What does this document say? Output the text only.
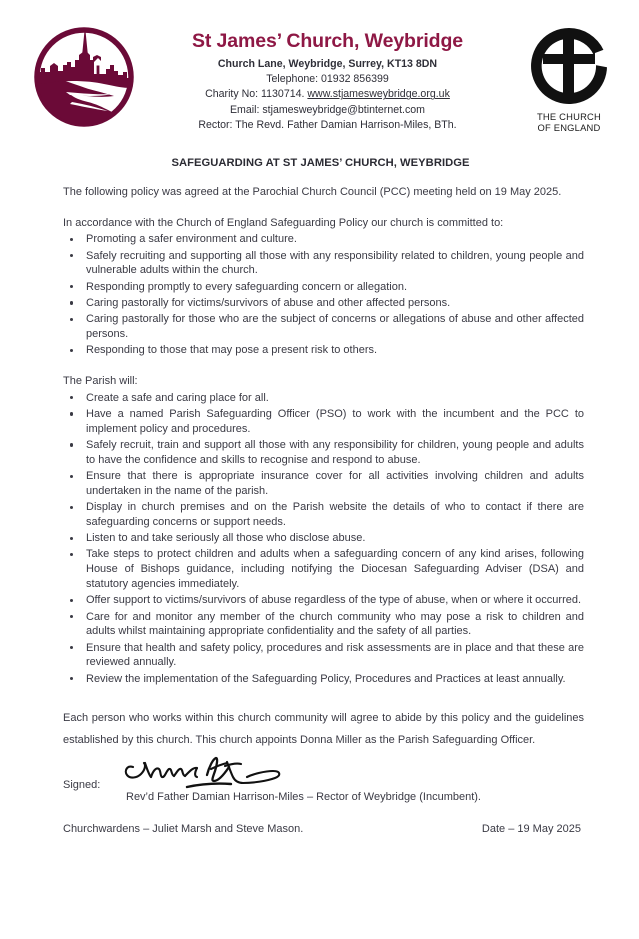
St James’ Church, Weybridge
Church Lane, Weybridge, Surrey, KT13 8DN
Telephone: 01932 856399
Charity No: 1130714. www.stjamesweybridge.org.uk
Email: stjamesweybridge@btinternet.com
Rector: The Revd. Father Damian Harrison-Miles, BTh.
THE CHURCH
OF ENGLAND
SAFEGUARDING AT ST JAMES’ CHURCH, WEYBRIDGE

The following policy was agreed at the Parochial Church Council (PCC) meeting held on 19 May 2025.

In accordance with the Church of England Safeguarding Policy our church is committed to:

Promoting a safer environment and culture.
Safely recruiting and supporting all those with any responsibility related to children, young people and vulnerable adults within the church.
Responding promptly to every safeguarding concern or allegation.
Caring pastorally for victims/survivors of abuse and other affected persons.
Caring pastorally for those who are the subject of concerns or allegations of abuse and other affected persons.
Responding to those that may pose a present risk to others.

The Parish will:

Create a safe and caring place for all.
Have a named Parish Safeguarding Officer (PSO) to work with the incumbent and the PCC to implement policy and procedures.
Safely recruit, train and support all those with any responsibility for children, young people and adults to have the confidence and skills to recognise and respond to abuse.
Ensure that there is appropriate insurance cover for all activities involving children and adults undertaken in the name of the parish.
Display in church premises and on the Parish website the details of who to contact if there are safeguarding concerns or support needs.
Listen to and take seriously all those who disclose abuse.
Take steps to protect children and adults when a safeguarding concern of any kind arises, following House of Bishops guidance, including notifying the Diocesan Safeguarding Adviser (DSA) and statutory agencies immediately.
Offer support to victims/survivors of abuse regardless of the type of abuse, when or where it occurred.
Care for and monitor any member of the church community who may pose a risk to children and adults whilst maintaining appropriate confidentiality and the safety of all parties.
Ensure that health and safety policy, procedures and risk assessments are in place and that these are reviewed annually.
Review the implementation of the Safeguarding Policy, Procedures and Practices at least annually.

Each person who works within this church community will agree to abide by this policy and the guidelines established by this church. This church appoints Donna Miller as the Parish Safeguarding Officer.

Signed:
Rev’d Father Damian Harrison-Miles – Rector of Weybridge (Incumbent).
Churchwardens – Juliet Marsh and Steve Mason.	Date – 19 May 2025
